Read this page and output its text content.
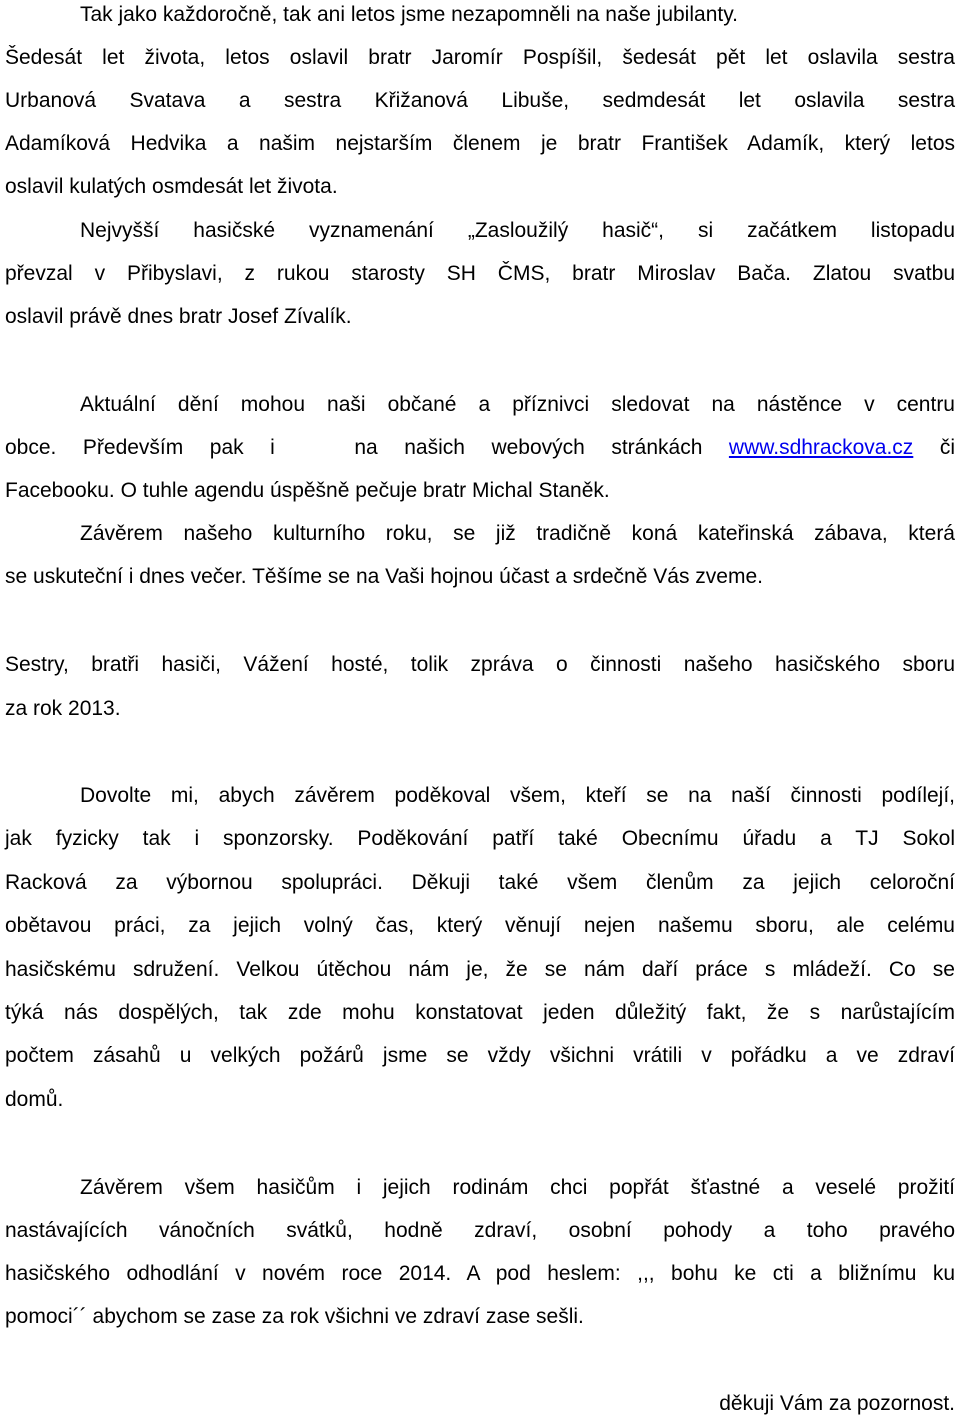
Tak jako každoročně, tak ani letos jsme nezapomněli na naše jubilanty.
Šedesát let života, letos oslavil bratr Jaromír Pospíšil, šedesát pět let oslavila sestra
Urbanová Svatava a sestra Křižanová Libuše, sedmdesát let oslavila sestra
Adamíková Hedvika a našim nejstarším členem je bratr František Adamík, který letos
oslavil kulatých osmdesát let života.
Nejvyšší hasičské vyznamenání „Zasloužilý hasič“, si začátkem listopadu
převzal v Přibyslavi, z rukou starosty SH ČMS, bratr Miroslav Bača. Zlatou svatbu
oslavil právě dnes bratr Josef Zívalík.
Aktuální dění mohou naši občané a příznivci sledovat na nástěnce v centru
obce. Především pak i   na našich webových stránkách www.sdhrackova.cz či
Facebooku. O tuhle agendu úspěšně pečuje bratr Michal Staněk.
Závěrem našeho kulturního roku, se již tradičně koná kateřinská zábava, která
se uskuteční i dnes večer. Těšíme se na Vaši hojnou účast a srdečně Vás zveme.
Sestry, bratři hasiči, Vážení hosté, tolik zpráva o činnosti našeho hasičského sboru
za rok 2013.
Dovolte mi, abych závěrem poděkoval všem, kteří se na naší činnosti podílejí,
jak fyzicky tak i sponzorsky. Poděkování patří také Obecnímu úřadu a TJ Sokol
Racková za výbornou spolupráci. Děkuji také všem členům za jejich celoroční
obětavou práci, za jejich volný čas, který věnují nejen našemu sboru, ale celému
hasičskému sdružení. Velkou útěchou nám je, že se nám daří práce s mládeží. Co se
týká nás dospělých, tak zde mohu konstatovat jeden důležitý fakt, že s narůstajícím
počtem zásahů u velkých požárů jsme se vždy všichni vrátili v pořádku a ve zdraví
domů.
Závěrem všem hasičům i jejich rodinám chci popřát šťastné a veselé prožití
nastávajících vánočních svátků, hodně zdraví, osobní pohody a toho pravého
hasičského odhodlání v novém roce 2014. A pod heslem: ,,, bohu ke cti a bližnímu ku
pomoci´´ abychom se zase za rok všichni ve zdraví zase sešli.
děkuji Vám za pozornost.
